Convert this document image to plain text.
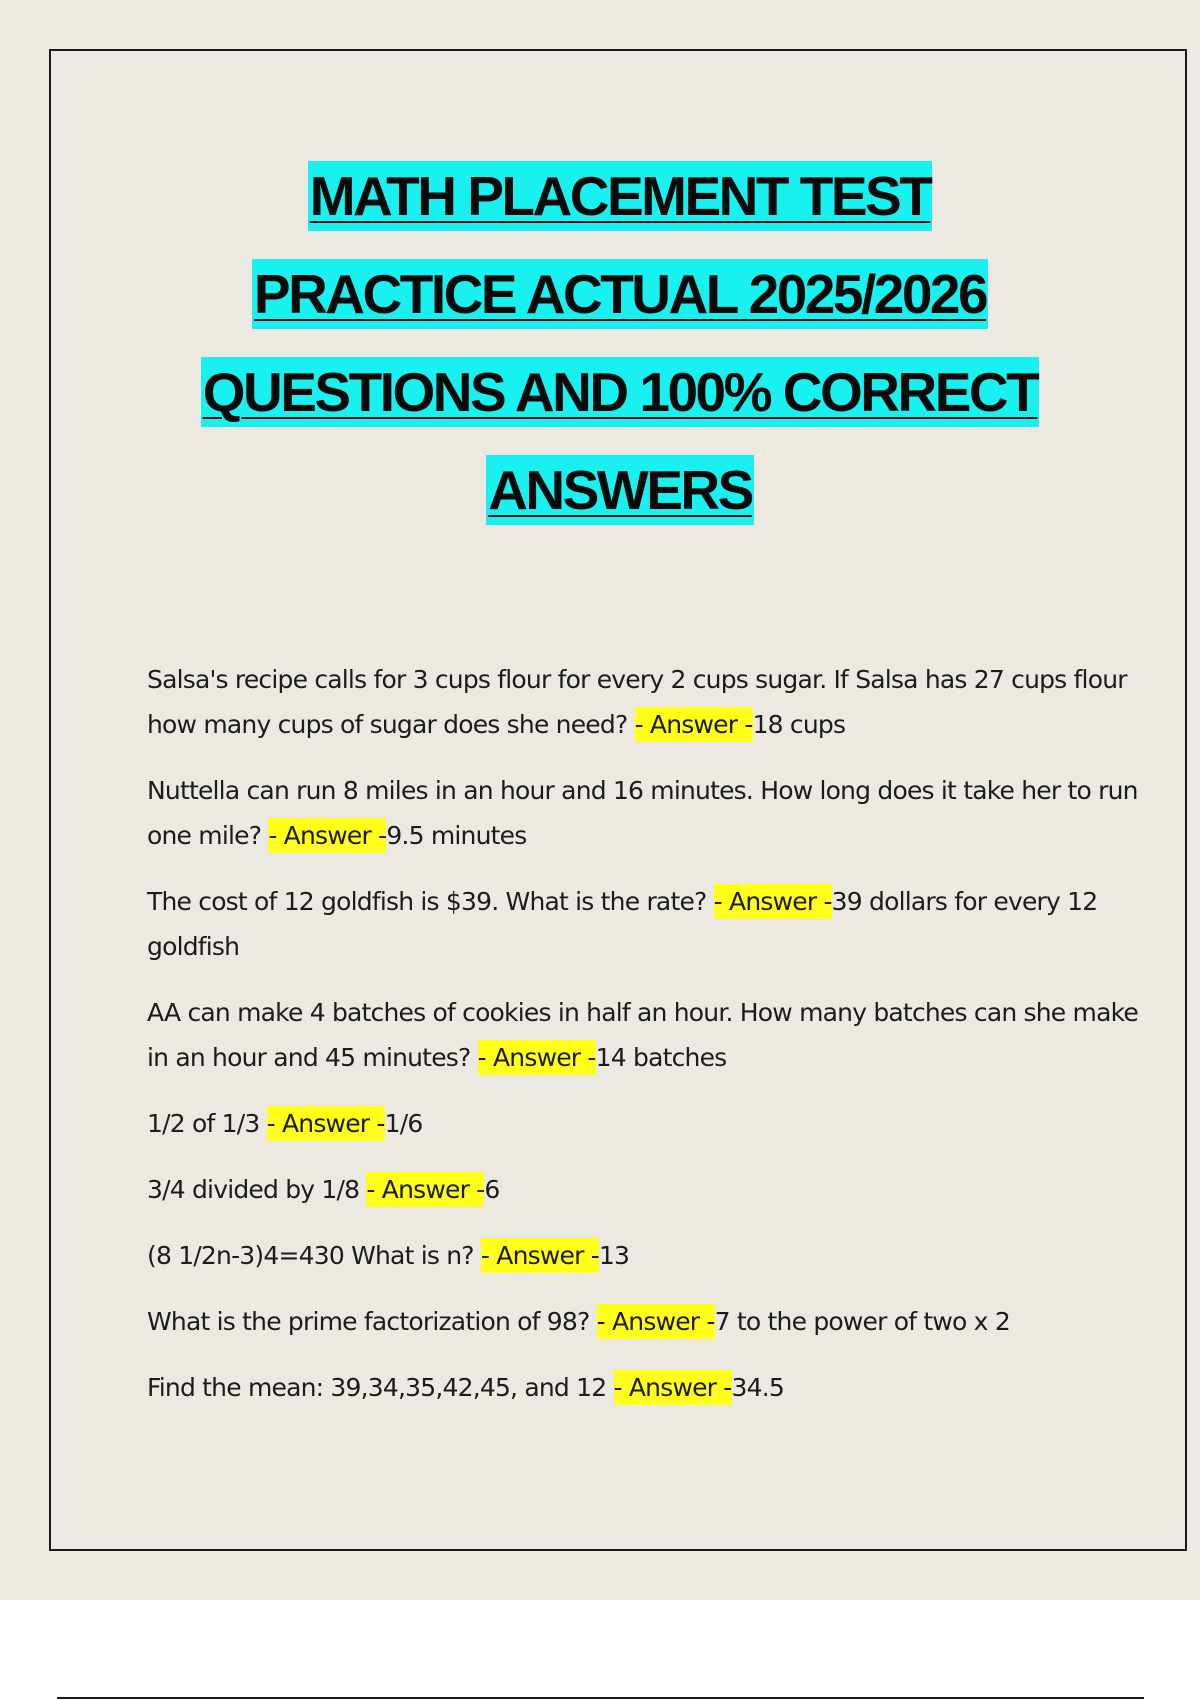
MATH PLACEMENT TEST
PRACTICE ACTUAL 2025/2026
QUESTIONS AND 100% CORRECT
ANSWERS
Salsa's recipe calls for 3 cups flour for every 2 cups sugar. If Salsa has 27 cups flour how many cups of sugar does she need? - Answer -18 cups
Nuttella can run 8 miles in an hour and 16 minutes. How long does it take her to run one mile? - Answer -9.5 minutes
The cost of 12 goldfish is $39. What is the rate? - Answer -39 dollars for every 12 goldfish
AA can make 4 batches of cookies in half an hour. How many batches can she make in an hour and 45 minutes? - Answer -14 batches
1/2 of 1/3 - Answer -1/6
3/4 divided by 1/8 - Answer -6
(8 1/2n-3)4=430 What is n? - Answer -13
What is the prime factorization of 98? - Answer -7 to the power of two x 2
Find the mean: 39,34,35,42,45, and 12 - Answer -34.5
